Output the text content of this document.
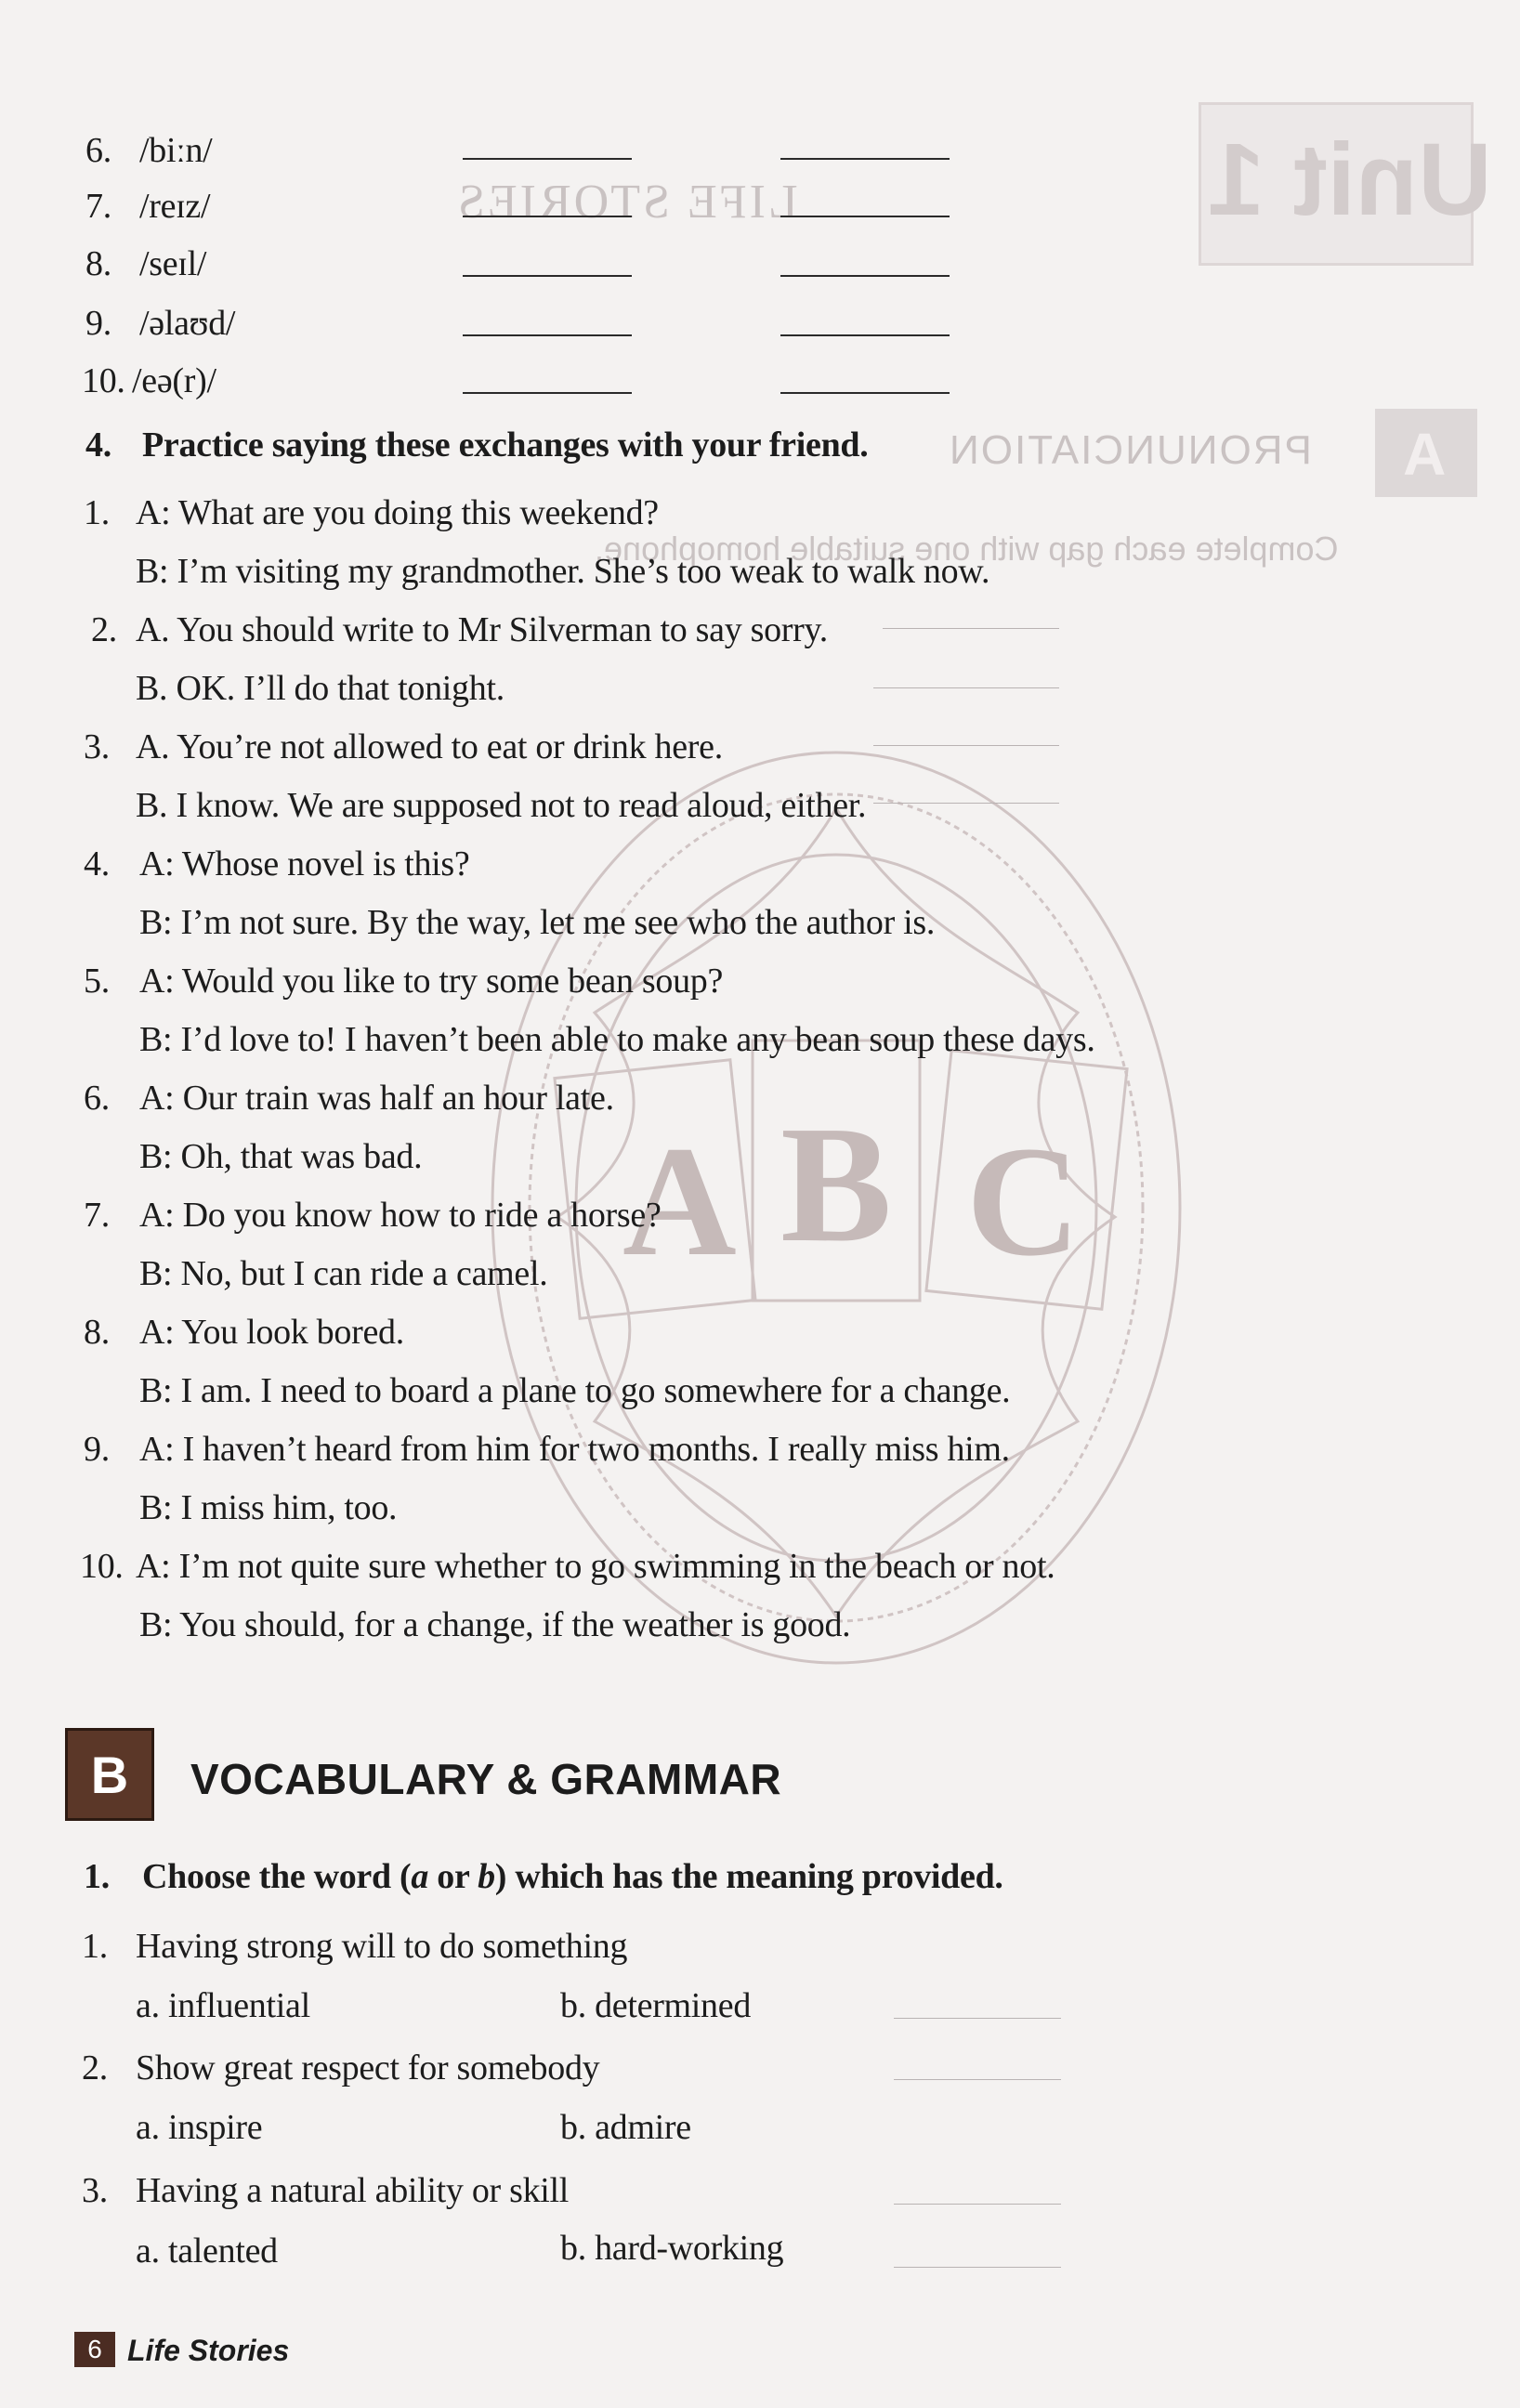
Unit 1
LIFE STORIES
A
PRONUNCIATION
Complete each gap with one suitable homophone.
A B C
6. /biːn/
7. /reɪz/
8. /seɪl/
9. /əlaʊd/
10. /eə(r)/
4. Practice saying these exchanges with your friend.
1. A: What are you doing this weekend?
B: I’m visiting my grandmother. She’s too weak to walk now.
2. A. You should write to Mr Silverman to say sorry.
B. OK. I’ll do that tonight.
3. A. You’re not allowed to eat or drink here.
B. I know. We are supposed not to read aloud, either.
4. A: Whose novel is this?
B: I’m not sure. By the way, let me see who the author is.
5. A: Would you like to try some bean soup?
B: I’d love to! I haven’t been able to make any bean soup these days.
6. A: Our train was half an hour late.
B: Oh, that was bad.
7. A: Do you know how to ride a horse?
B: No, but I can ride a camel.
8. A: You look bored.
B: I am. I need to board a plane to go somewhere for a change.
9. A: I haven’t heard from him for two months. I really miss him.
B: I miss him, too.
10. A: I’m not quite sure whether to go swimming in the beach or not.
B: You should, for a change, if the weather is good.
B	VOCABULARY & GRAMMAR
1. Choose the word (a or b) which has the meaning provided.
1. Having strong will to do something
a. influential	b. determined
2. Show great respect for somebody
a. inspire	b. admire
3. Having a natural ability or skill
a. talented	b. hard-working
6 Life Stories
